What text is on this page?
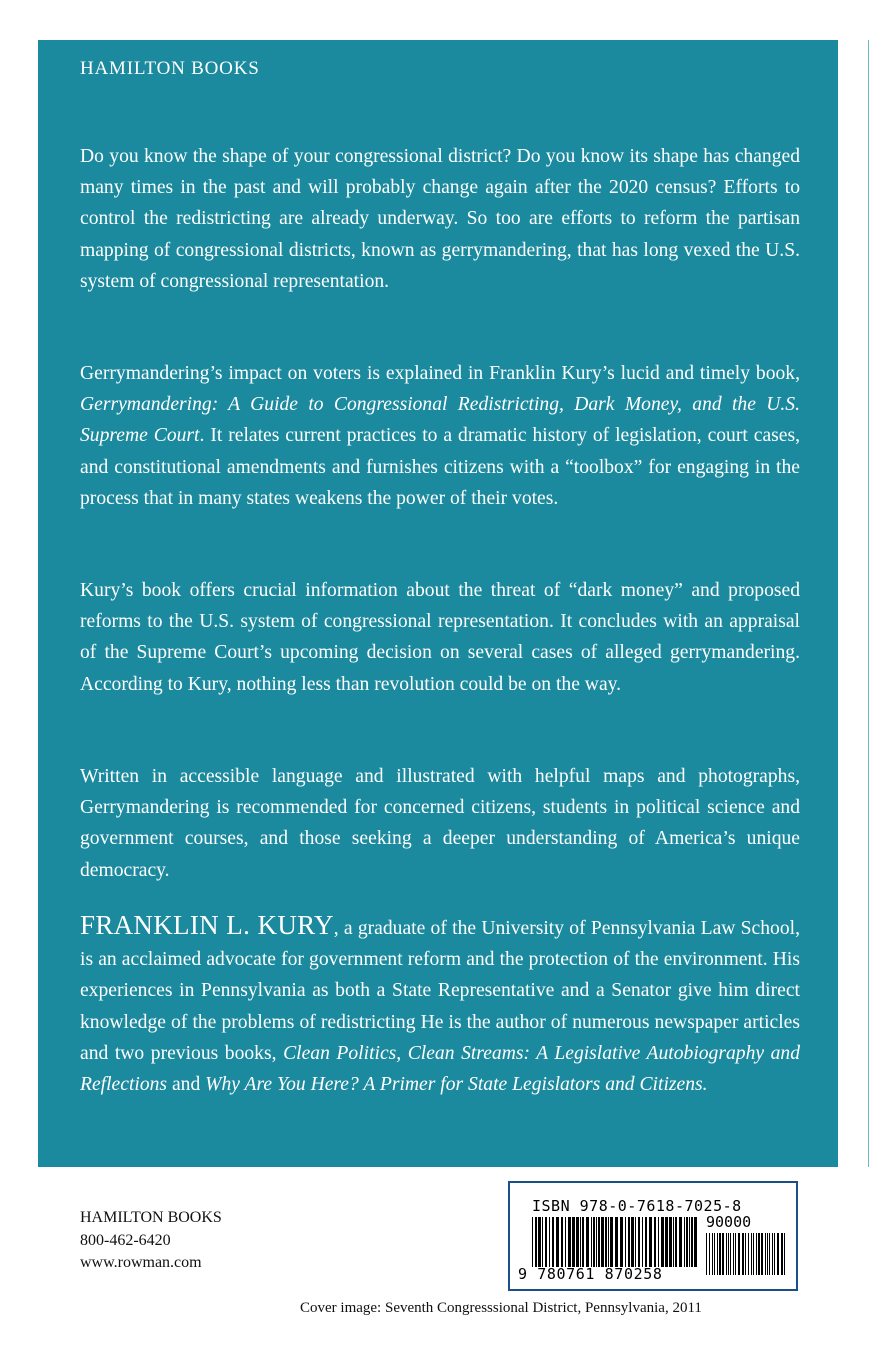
HAMILTON BOOKS

Do you know the shape of your congressional district? Do you know its shape has changed many times in the past and will probably change again after the 2020 census? Efforts to control the redistricting are already underway. So too are efforts to reform the partisan mapping of congressional districts, known as gerrymandering, that has long vexed the U.S. system of congressional representation.

Gerrymandering’s impact on voters is explained in Franklin Kury’s lucid and timely book, Gerrymandering: A Guide to Congressional Redistricting, Dark Money, and the U.S. Supreme Court. It relates current practices to a dramatic history of legislation, court cases, and constitutional amendments and furnishes citizens with a “toolbox” for engaging in the process that in many states weakens the power of their votes.

Kury’s book offers crucial information about the threat of “dark money” and proposed reforms to the U.S. system of congressional representation. It concludes with an appraisal of the Supreme Court’s upcoming decision on several cases of alleged gerrymandering. According to Kury, nothing less than revolution could be on the way.

Written in accessible language and illustrated with helpful maps and photographs, Gerrymandering is recommended for concerned citizens, students in political science and government courses, and those seeking a deeper understanding of America’s unique democracy.

FRANKLIN L. KURY, a graduate of the University of Pennsylvania Law School, is an acclaimed advocate for government reform and the protection of the environment. His experiences in Pennsylvania as both a State Representative and a Senator give him direct knowledge of the problems of redistricting He is the author of numerous newspaper articles and two previous books, Clean Politics, Clean Streams: A Legislative Autobiography and Reflections and Why Are You Here? A Primer for State Legislators and Citizens.

HAMILTON BOOKS
800-462-6420
www.rowman.com
ISBN 978-0-7618-7025-8
90000
9 780761 870258
Cover image: Seventh Congresssional District, Pennsylvania, 2011
